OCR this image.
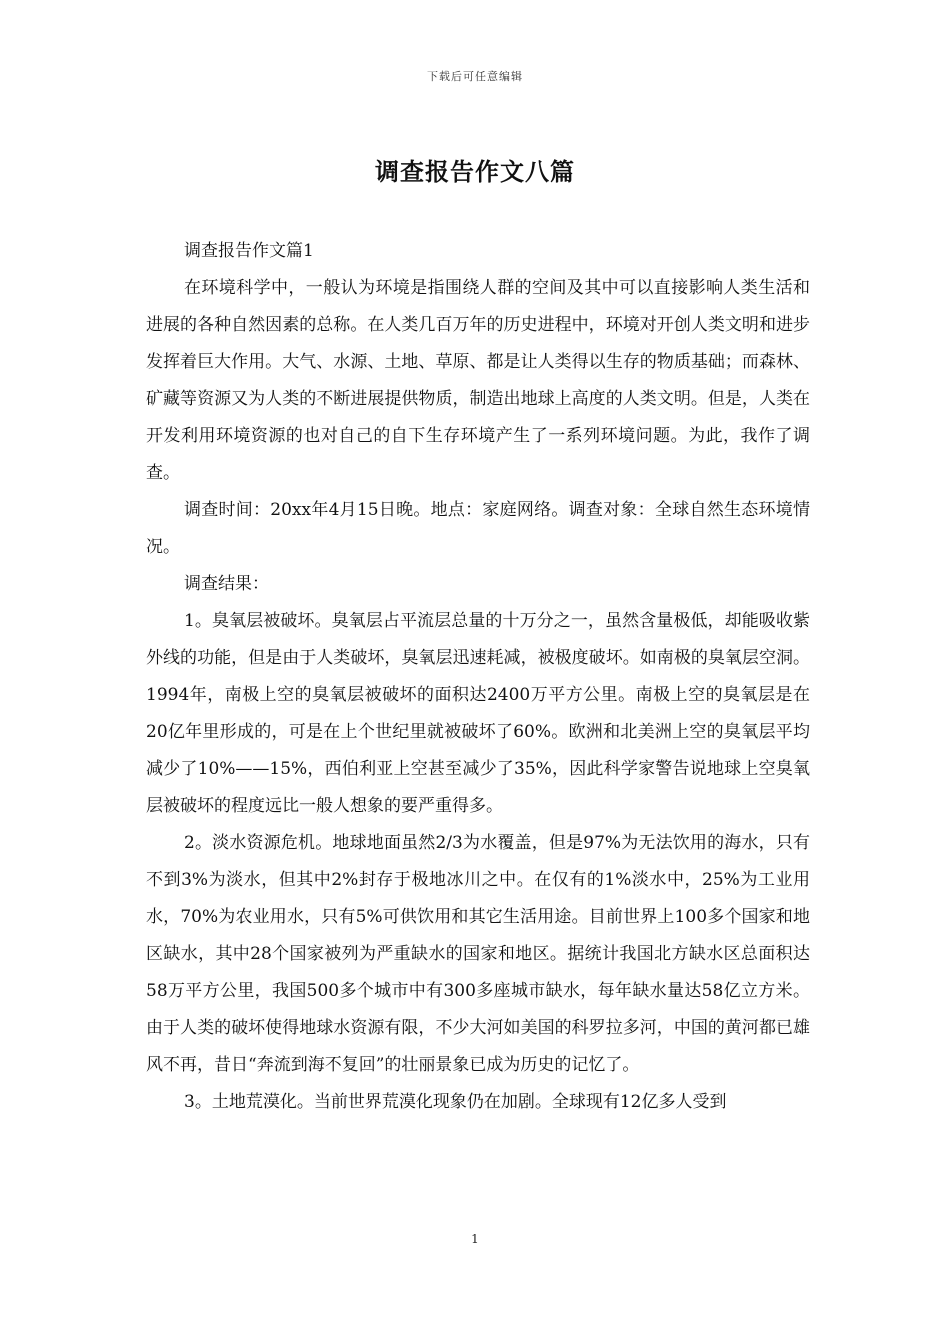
下载后可任意编辑
调查报告作文八篇

调查报告作文篇1

在环境科学中，一般认为环境是指围绕人群的空间及其中可以直接影响人类生活和进展的各种自然因素的总称。在人类几百万年的历史进程中，环境对开创人类文明和进步发挥着巨大作用。大气、水源、土地、草原、都是让人类得以生存的物质基础；而森林、矿藏等资源又为人类的不断进展提供物质，制造出地球上高度的人类文明。但是，人类在开发利用环境资源的也对自己的自下生存环境产生了一系列环境问题。为此，我作了调查。

调查时间：20xx年4月15日晚。地点：家庭网络。调查对象：全球自然生态环境情况。

调查结果：

1。臭氧层被破坏。臭氧层占平流层总量的十万分之一，虽然含量极低，却能吸收紫外线的功能，但是由于人类破坏，臭氧层迅速耗减，被极度破坏。如南极的臭氧层空洞。1994年，南极上空的臭氧层被破坏的面积达2400万平方公里。南极上空的臭氧层是在20亿年里形成的，可是在上个世纪里就被破坏了60%。欧洲和北美洲上空的臭氧层平均减少了10%——15%，西伯利亚上空甚至减少了35%，因此科学家警告说地球上空臭氧层被破坏的程度远比一般人想象的要严重得多。

2。淡水资源危机。地球地面虽然2/3为水覆盖，但是97%为无法饮用的海水，只有不到3%为淡水，但其中2%封存于极地冰川之中。在仅有的1%淡水中，25%为工业用水，70%为农业用水，只有5%可供饮用和其它生活用途。目前世界上100多个国家和地区缺水，其中28个国家被列为严重缺水的国家和地区。据统计我国北方缺水区总面积达58万平方公里，我国500多个城市中有300多座城市缺水，每年缺水量达58亿立方米。由于人类的破坏使得地球水资源有限，不少大河如美国的科罗拉多河，中国的黄河都已雄风不再，昔日“奔流到海不复回”的壮丽景象已成为历史的记忆了。

3。土地荒漠化。当前世界荒漠化现象仍在加剧。全球现有12亿多人受到

1
